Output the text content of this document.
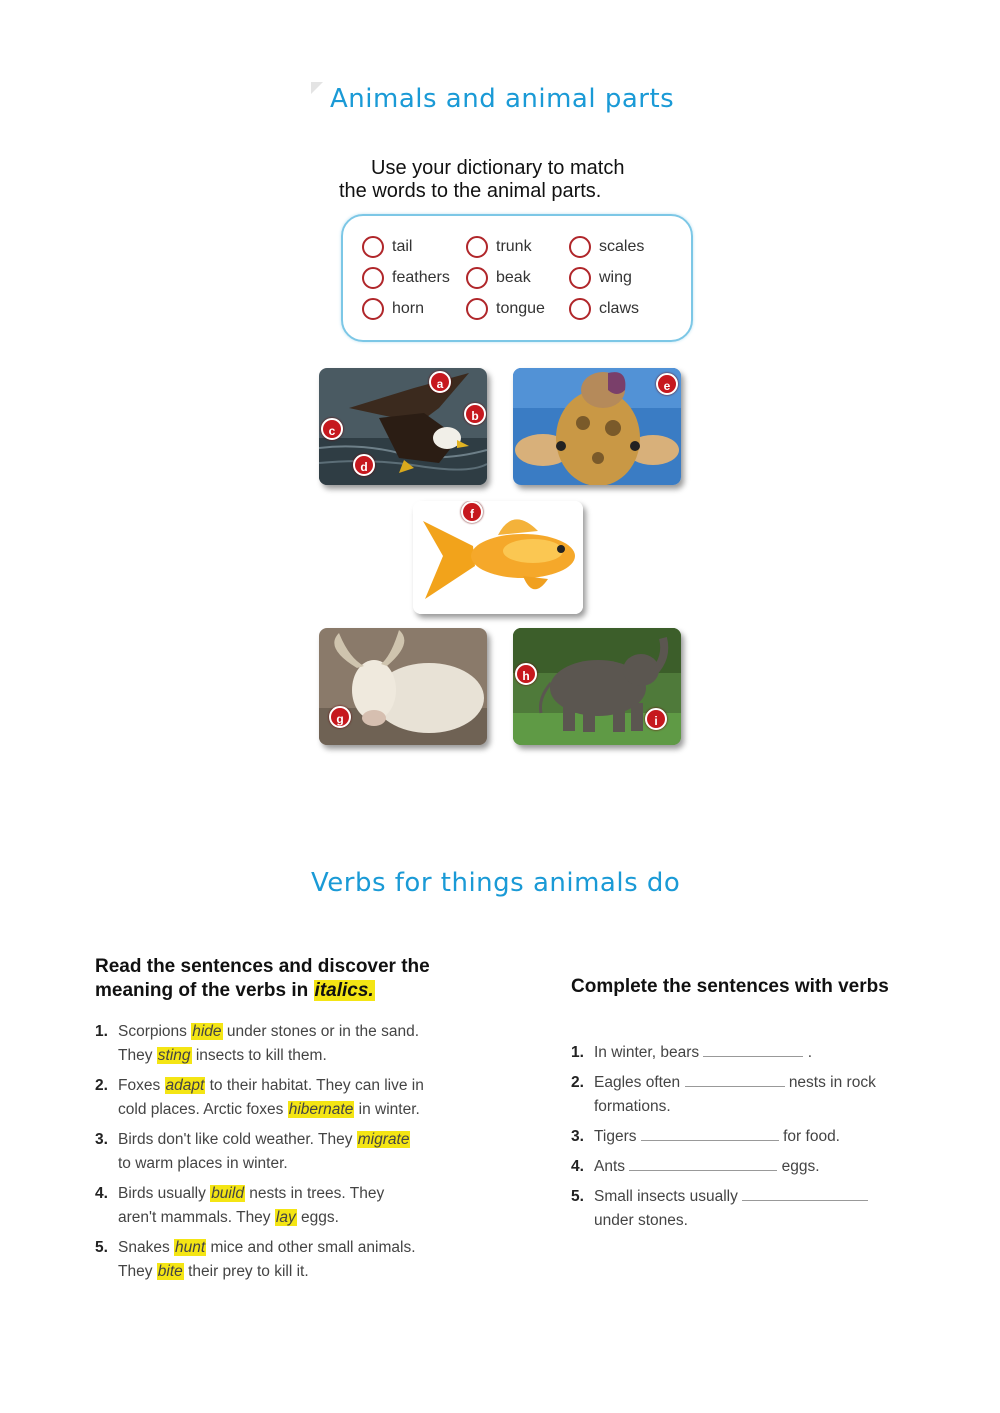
Animals and animal parts
Use your dictionary to match
the words to the animal parts.
tail	trunk	scales
feathers	beak	wing
horn	tongue	claws
a
b
c
d
e
f
g
h
i
Verbs for things animals do
Read the sentences and discover the
meaning of the verbs in italics.
1. Scorpions hide under stones or in the sand.
They sting insects to kill them.
2. Foxes adapt to their habitat. They can live in
cold places. Arctic foxes hibernate in winter.
3. Birds don't like cold weather. They migrate
to warm places in winter.
4. Birds usually build nests in trees. They
aren't mammals. They lay eggs.
5. Snakes hunt mice and other small animals.
They bite their prey to kill it.
Complete the sentences with verbs
1. In winter, bears	.
2. Eagles often	nests in rock
formations.
3. Tigers	for food.
4. Ants	eggs.
5. Small insects usually
under stones.
